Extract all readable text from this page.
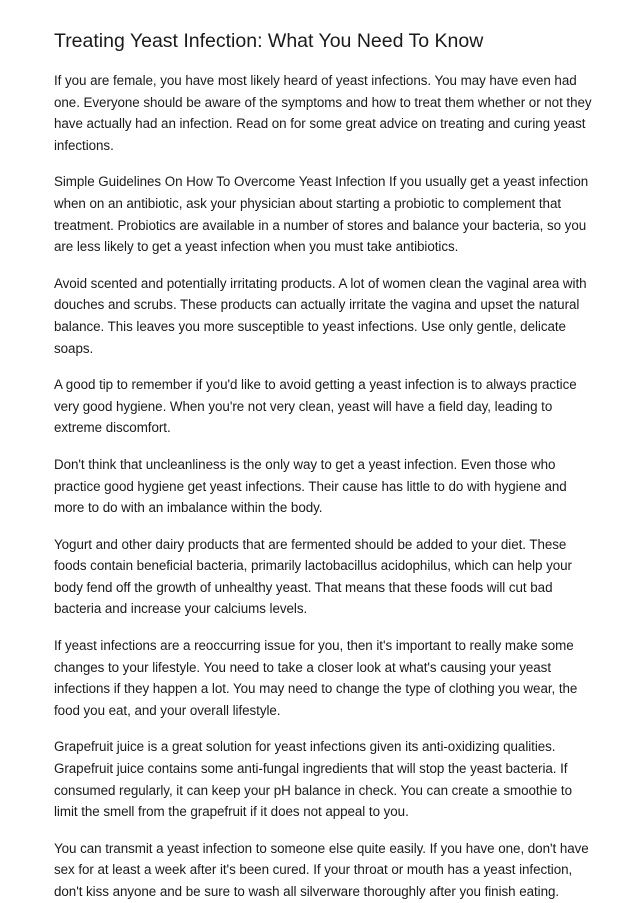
Treating Yeast Infection: What You Need To Know

If you are female, you have most likely heard of yeast infections. You may have even had one. Everyone should be aware of the symptoms and how to treat them whether or not they have actually had an infection. Read on for some great advice on treating and curing yeast infections.

Simple Guidelines On How To Overcome Yeast Infection If you usually get a yeast infection when on an antibiotic, ask your physician about starting a probiotic to complement that treatment. Probiotics are available in a number of stores and balance your bacteria, so you are less likely to get a yeast infection when you must take antibiotics.

Avoid scented and potentially irritating products. A lot of women clean the vaginal area with douches and scrubs. These products can actually irritate the vagina and upset the natural balance. This leaves you more susceptible to yeast infections. Use only gentle, delicate soaps.

A good tip to remember if you'd like to avoid getting a yeast infection is to always practice very good hygiene. When you're not very clean, yeast will have a field day, leading to extreme discomfort.

Don't think that uncleanliness is the only way to get a yeast infection. Even those who practice good hygiene get yeast infections. Their cause has little to do with hygiene and more to do with an imbalance within the body.

Yogurt and other dairy products that are fermented should be added to your diet. These foods contain beneficial bacteria, primarily lactobacillus acidophilus, which can help your body fend off the growth of unhealthy yeast. That means that these foods will cut bad bacteria and increase your calciums levels.

If yeast infections are a reoccurring issue for you, then it's important to really make some changes to your lifestyle. You need to take a closer look at what's causing your yeast infections if they happen a lot. You may need to change the type of clothing you wear, the food you eat, and your overall lifestyle.

Grapefruit juice is a great solution for yeast infections given its anti-oxidizing qualities. Grapefruit juice contains some anti-fungal ingredients that will stop the yeast bacteria. If consumed regularly, it can keep your pH balance in check. You can create a smoothie to limit the smell from the grapefruit if it does not appeal to you.

You can transmit a yeast infection to someone else quite easily. If you have one, don't have sex for at least a week after it's been cured. If your throat or mouth has a yeast infection, don't kiss anyone and be sure to wash all silverware thoroughly after you finish eating.
